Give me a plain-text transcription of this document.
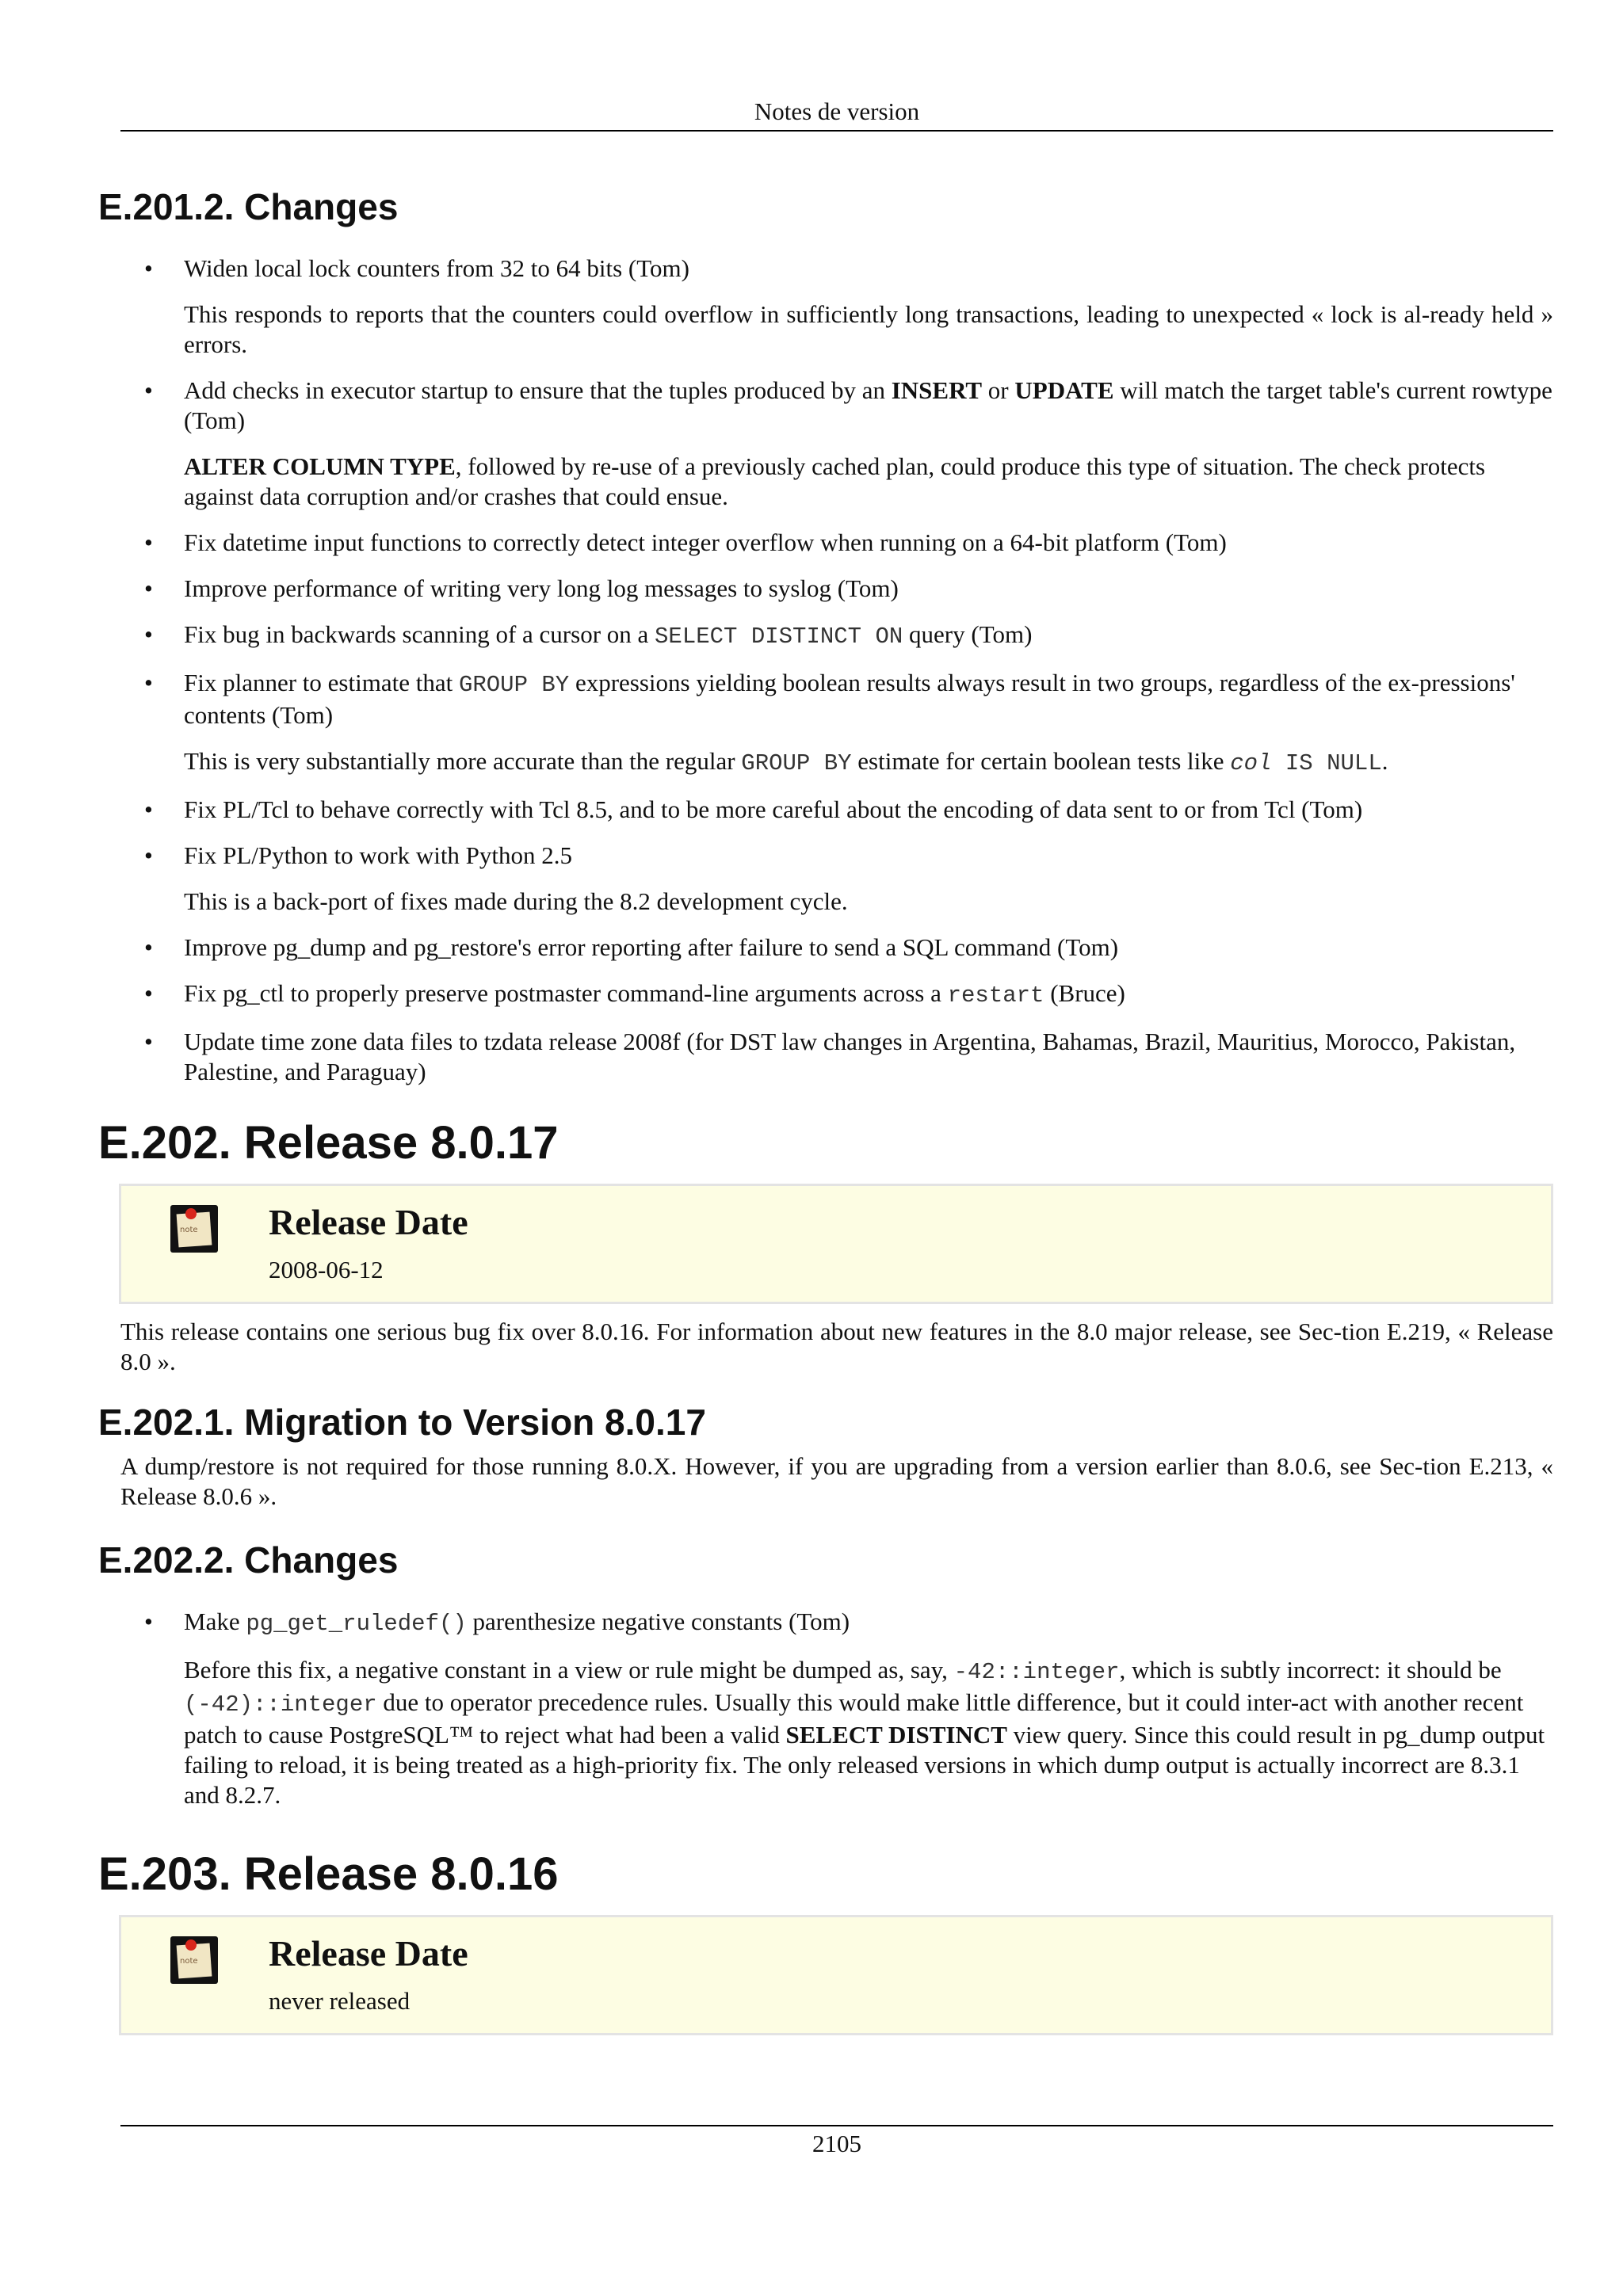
Notes de version
E.201.2. Changes

• Widen local lock counters from 32 to 64 bits (Tom)

This responds to reports that the counters could overflow in sufficiently long transactions, leading to unexpected « lock is al-ready held » errors.

• Add checks in executor startup to ensure that the tuples produced by an INSERT or UPDATE will match the target table's current rowtype (Tom)

ALTER COLUMN TYPE, followed by re-use of a previously cached plan, could produce this type of situation. The check protects against data corruption and/or crashes that could ensue.

• Fix datetime input functions to correctly detect integer overflow when running on a 64-bit platform (Tom)

• Improve performance of writing very long log messages to syslog (Tom)

• Fix bug in backwards scanning of a cursor on a SELECT DISTINCT ON query (Tom)

• Fix planner to estimate that GROUP BY expressions yielding boolean results always result in two groups, regardless of the ex-pressions' contents (Tom)

This is very substantially more accurate than the regular GROUP BY estimate for certain boolean tests like col IS NULL.

• Fix PL/Tcl to behave correctly with Tcl 8.5, and to be more careful about the encoding of data sent to or from Tcl (Tom)

• Fix PL/Python to work with Python 2.5

This is a back-port of fixes made during the 8.2 development cycle.

• Improve pg_dump and pg_restore's error reporting after failure to send a SQL command (Tom)

• Fix pg_ctl to properly preserve postmaster command-line arguments across a restart (Bruce)

• Update time zone data files to tzdata release 2008f (for DST law changes in Argentina, Bahamas, Brazil, Mauritius, Morocco, Pakistan, Palestine, and Paraguay)

E.202. Release 8.0.17
note Release Date

2008-06-12

This release contains one serious bug fix over 8.0.16. For information about new features in the 8.0 major release, see Sec-tion E.219, « Release 8.0 ».

E.202.1. Migration to Version 8.0.17

A dump/restore is not required for those running 8.0.X. However, if you are upgrading from a version earlier than 8.0.6, see Sec-tion E.213, « Release 8.0.6 ».

E.202.2. Changes

• Make pg_get_ruledef() parenthesize negative constants (Tom)

Before this fix, a negative constant in a view or rule might be dumped as, say, -42::integer, which is subtly incorrect: it should be (-42)::integer due to operator precedence rules. Usually this would make little difference, but it could inter-act with another recent patch to cause PostgreSQL™ to reject what had been a valid SELECT DISTINCT view query. Since this could result in pg_dump output failing to reload, it is being treated as a high-priority fix. The only released versions in which dump output is actually incorrect are 8.3.1 and 8.2.7.

E.203. Release 8.0.16
note Release Date

never released

2105
